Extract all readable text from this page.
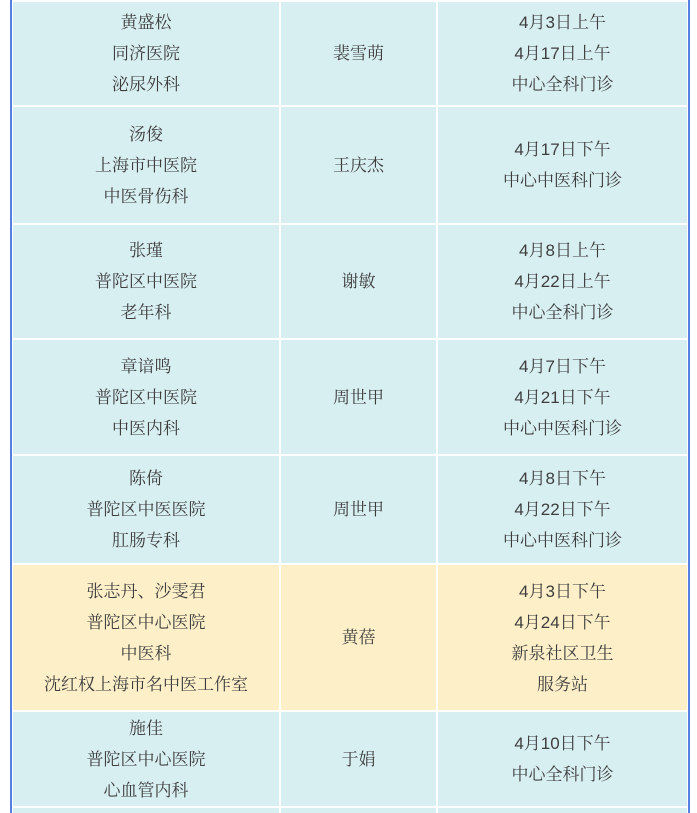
黄盛松
同济医院
泌尿外科
裴雪萌
4月3日上午
4月17日上午
中心全科门诊
汤俊
上海市中医院
中医骨伤科
王庆杰
4月17日下午
中心中医科门诊
张瑾
普陀区中医院
老年科
谢敏
4月8日上午
4月22日上午
中心全科门诊
章谙鸣
普陀区中医院
中医内科
周世甲
4月7日下午
4月21日下午
中心中医科门诊
陈倚
普陀区中医医院
肛肠专科
周世甲
4月8日下午
4月22日下午
中心中医科门诊
张志丹、沙雯君
普陀区中心医院
中医科
沈红权上海市名中医工作室
黄蓓
4月3日下午
4月24日下午
新泉社区卫生
服务站
施佳
普陀区中心医院
心血管内科
于娟
4月10日下午
中心全科门诊
